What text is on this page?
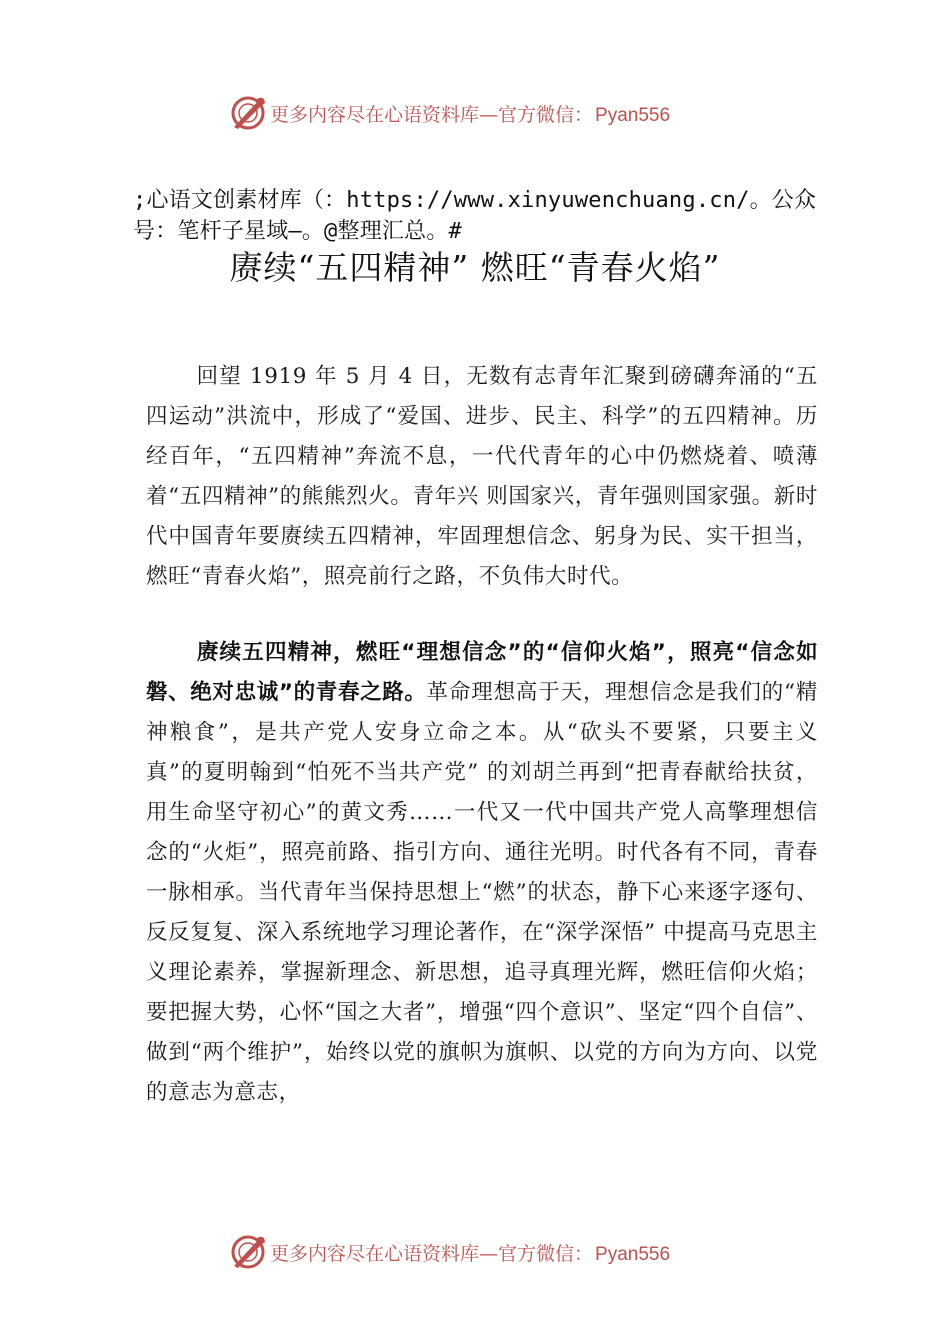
更多内容尽在心语资料库— 官方微信： Pyan556
;心语文创素材库（：https://www.xinyuwenchuang.cn/。公众号：笔杆子星域—。@整理汇总。#
赓续“五四精神” 燃旺“青春火焰”

回望 1919 年 5 月 4 日，无数有志青年汇聚到磅礴奔涌的“五四运动”洪流中，形成了“爱国、进步、民主、科学”的五四精神。历经百年，“五四精神”奔流不息，一代代青年的心中仍燃烧着、喷薄着“五四精神”的熊熊烈火。青年兴 则国家兴，青年强则国家强。新时代中国青年要赓续五四精神，牢固理想信念、躬身为民、实干担当，燃旺“青春火焰”，照亮前行之路，不负伟大时代。

赓续五四精神，燃旺“理想信念”的“信仰火焰”，照亮“信念如磐、绝对忠诚”的青春之路。革命理想高于天，理想信念是我们的“精神粮食”，是共产党人安身立命之本。从“砍头不要紧，只要主义真”的夏明翰到“怕死不当共产党” 的刘胡兰再到“把青春献给扶贫，用生命坚守初心”的黄文秀……一代又一代中国共产党人高擎理想信念的“火炬”，照亮前路、指引方向、通往光明。时代各有不同，青春一脉相承。当代青年当保持思想上“燃”的状态，静下心来逐字逐句、反反复复、深入系统地学习理论著作，在“深学深悟” 中提高马克思主义理论素养，掌握新理念、新思想，追寻真理光辉，燃旺信仰火焰；要把握大势，心怀“国之大者”，增强“四个意识”、坚定“四个自信”、做到“两个维护”，始终以党的旗帜为旗帜、以党的方向为方向、以党的意志为意志，

更多内容尽在心语资料库— 官方微信： Pyan556
